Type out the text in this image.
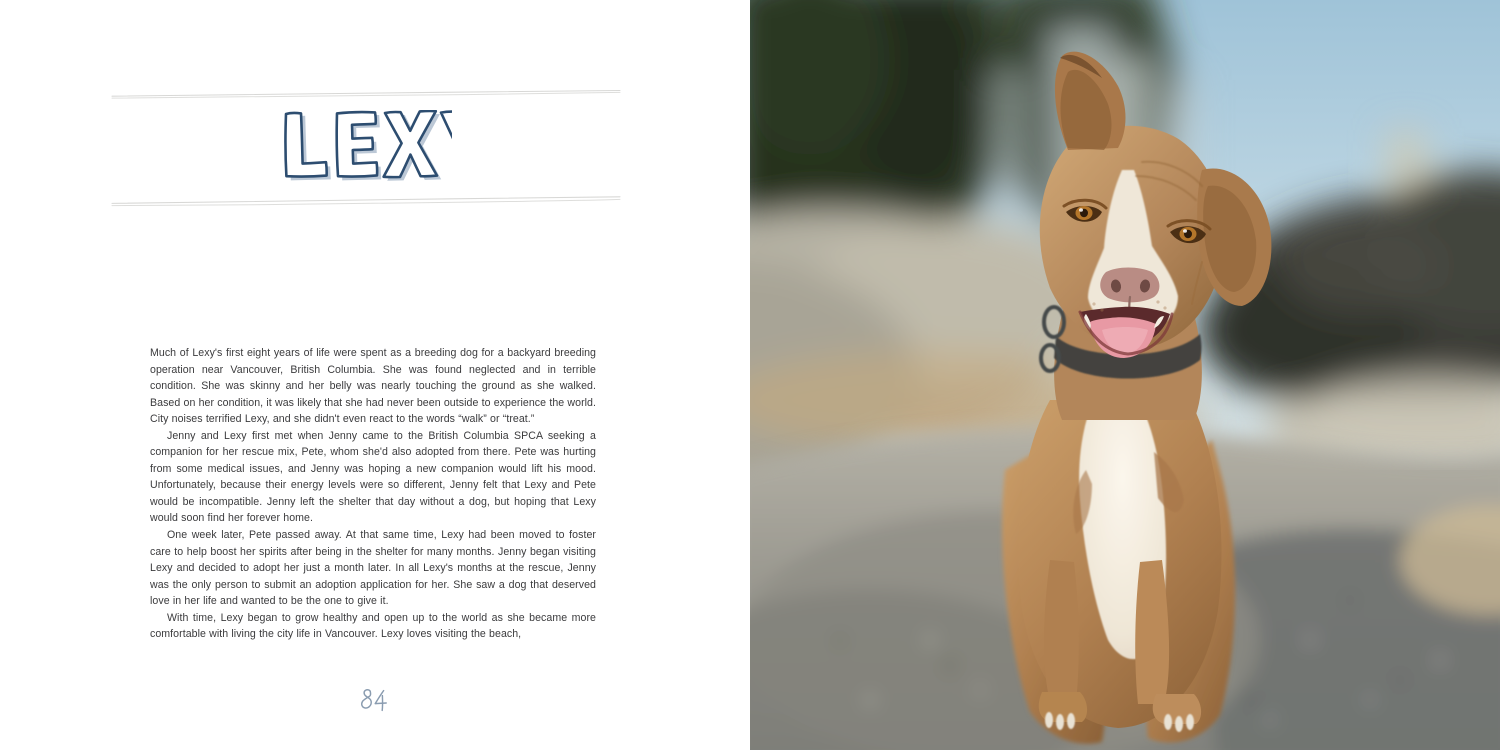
Much of Lexy's first eight years of life were spent as a breeding dog for a backyard breeding operation near Vancouver, British Columbia. She was found neglected and in terrible condition. She was skinny and her belly was nearly touching the ground as she walked. Based on her condition, it was likely that she had never been outside to experience the world. City noises terrified Lexy, and she didn't even react to the words “walk” or “treat.”

Jenny and Lexy first met when Jenny came to the British Columbia SPCA seeking a companion for her rescue mix, Pete, whom she'd also adopted from there. Pete was hurting from some medical issues, and Jenny was hoping a new companion would lift his mood. Unfortunately, because their energy levels were so different, Jenny felt that Lexy and Pete would be incompatible. Jenny left the shelter that day without a dog, but hoping that Lexy would soon find her forever home.

One week later, Pete passed away. At that same time, Lexy had been moved to foster care to help boost her spirits after being in the shelter for many months. Jenny began visiting Lexy and decided to adopt her just a month later. In all Lexy's months at the rescue, Jenny was the only person to submit an adoption application for her. She saw a dog that deserved love in her life and wanted to be the one to give it.

With time, Lexy began to grow healthy and open up to the world as she became more comfortable with living the city life in Vancouver. Lexy loves visiting the beach,
